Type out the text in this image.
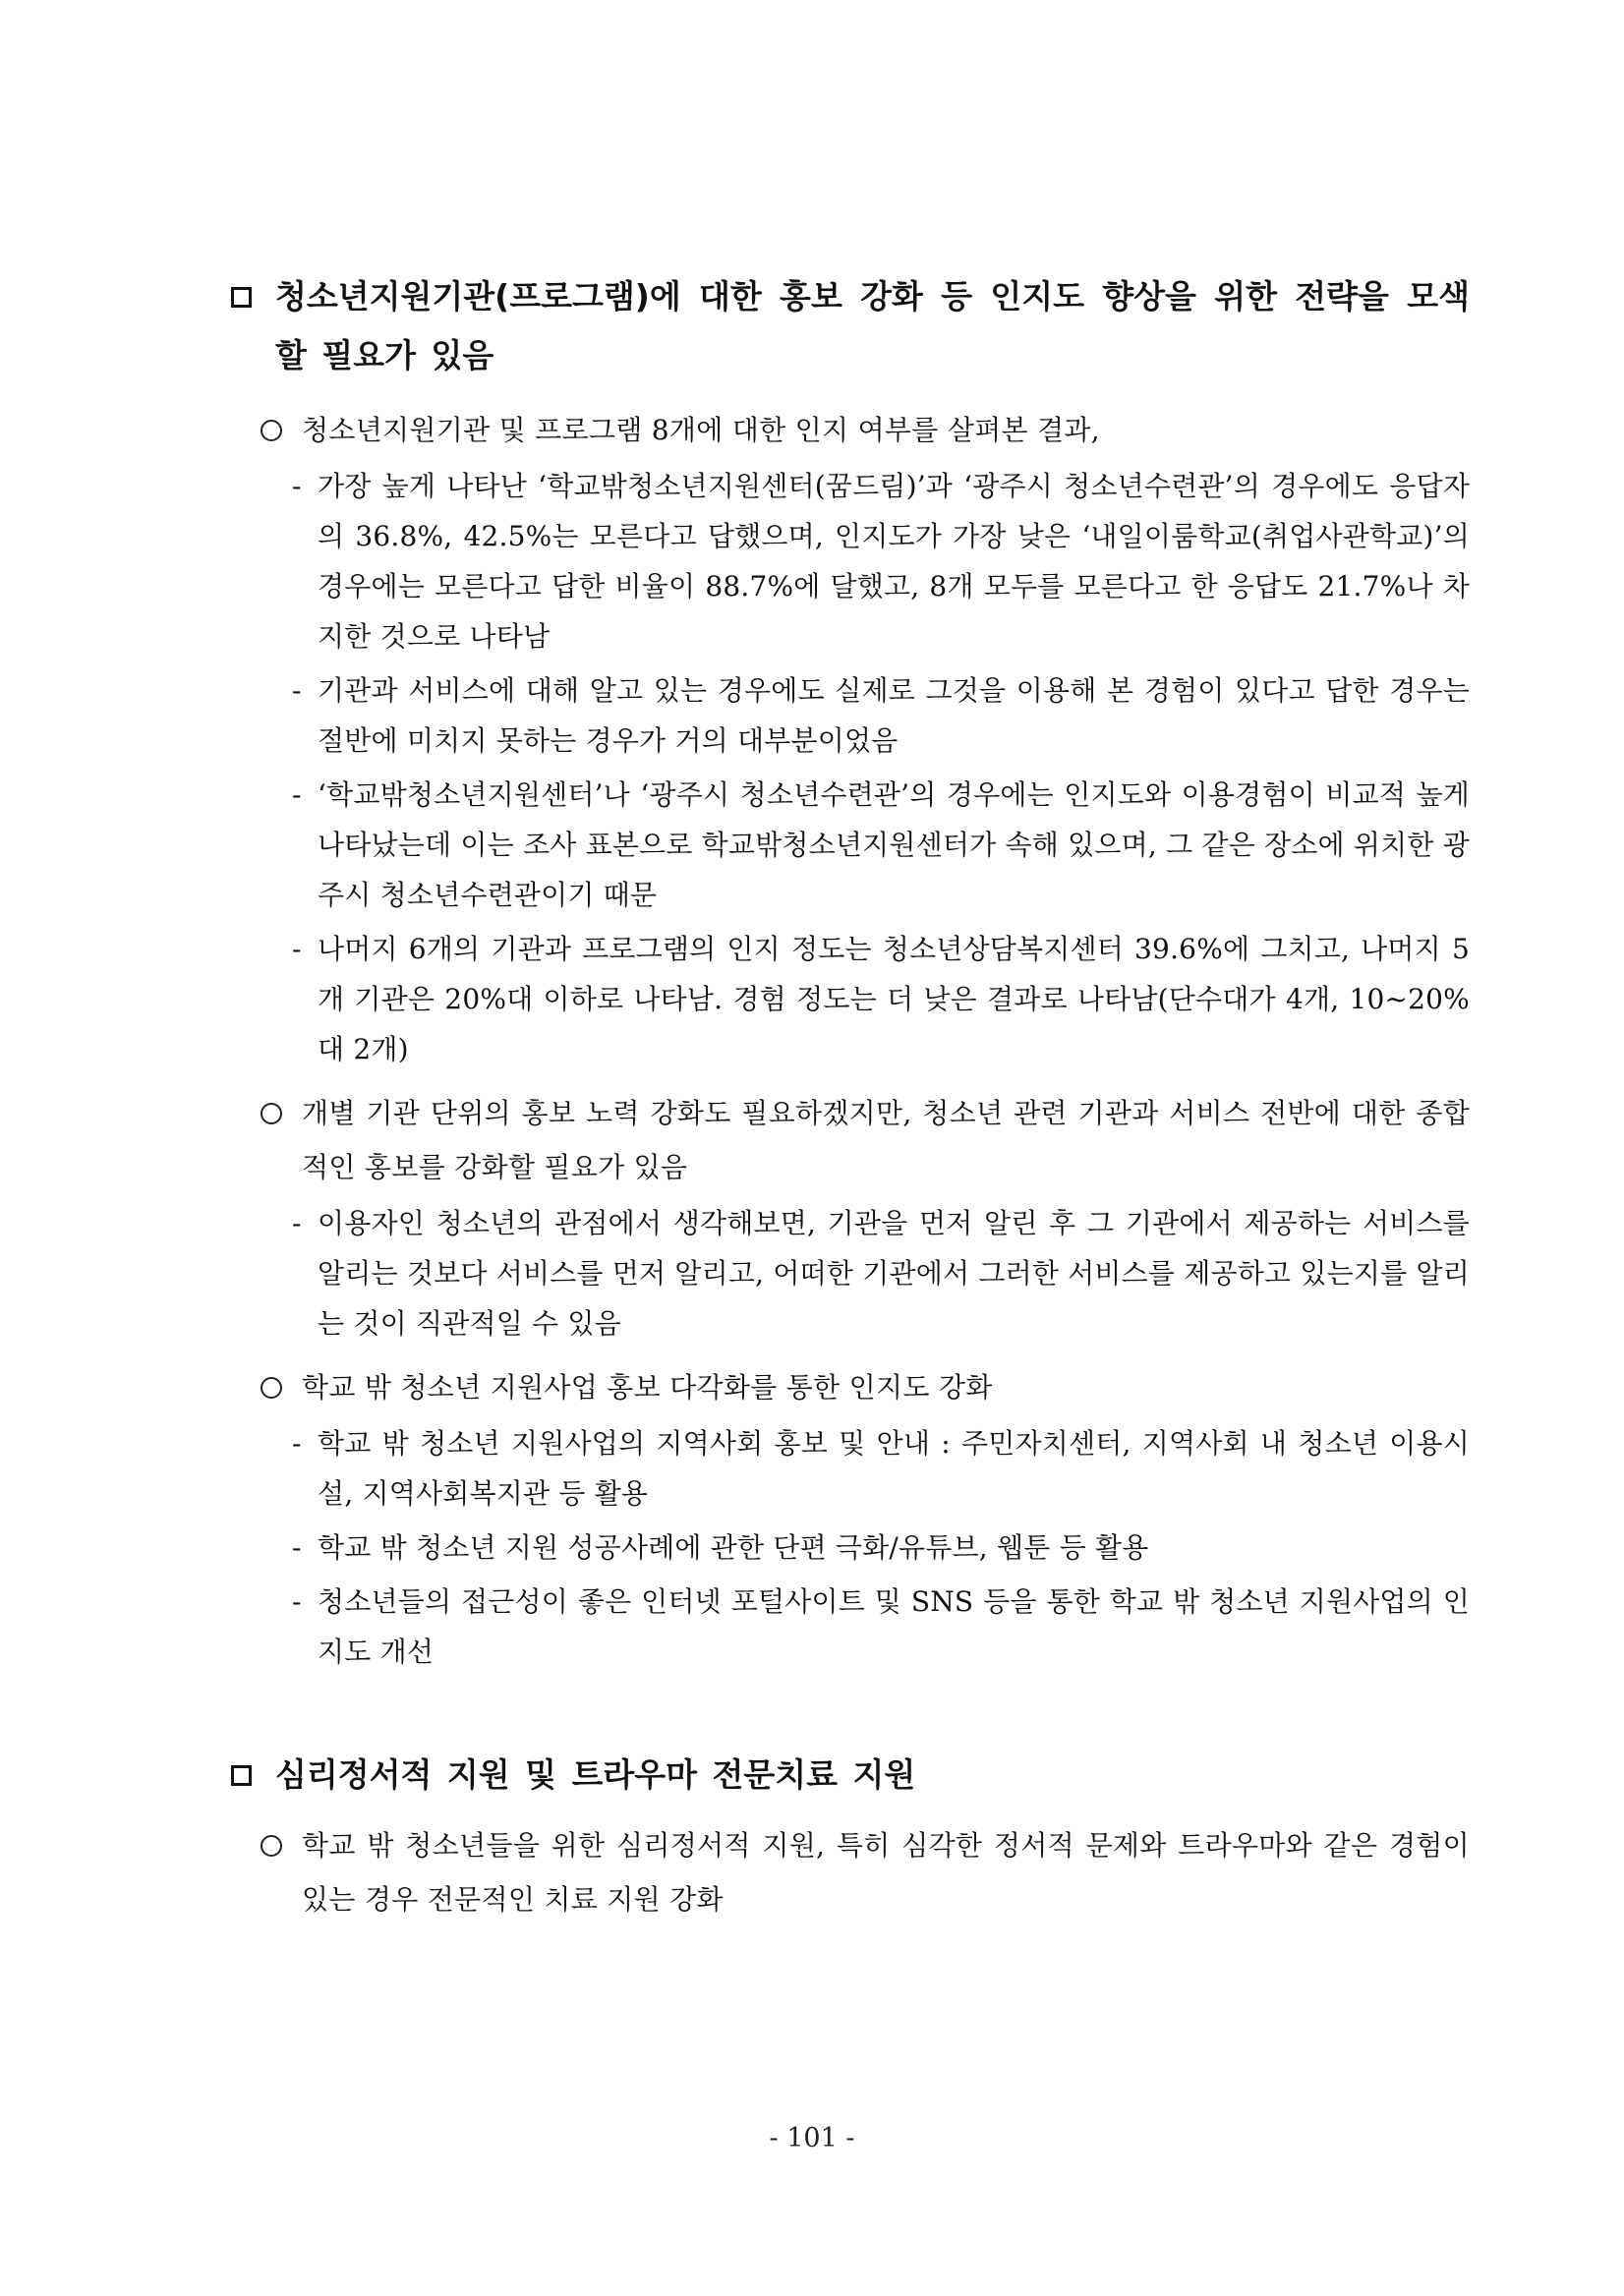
청소년지원기관(프로그램)에 대한 홍보 강화 등 인지도 향상을 위한 전략을 모색할 필요가 있음
청소년지원기관 및 프로그램 8개에 대한 인지 여부를 살펴본 결과,
- 가장 높게 나타난 ‘학교밖청소년지원센터(꿈드림)’과 ‘광주시 청소년수련관’의 경우에도 응답자의 36.8%, 42.5%는 모른다고 답했으며, 인지도가 가장 낮은 ‘내일이룸학교(취업사관학교)’의 경우에는 모른다고 답한 비율이 88.7%에 달했고, 8개 모두를 모른다고 한 응답도 21.7%나 차지한 것으로 나타남
- 기관과 서비스에 대해 알고 있는 경우에도 실제로 그것을 이용해 본 경험이 있다고 답한 경우는 절반에 미치지 못하는 경우가 거의 대부분이었음
- ‘학교밖청소년지원센터’나 ‘광주시 청소년수련관’의 경우에는 인지도와 이용경험이 비교적 높게 나타났는데 이는 조사 표본으로 학교밖청소년지원센터가 속해 있으며, 그 같은 장소에 위치한 광주시 청소년수련관이기 때문
- 나머지 6개의 기관과 프로그램의 인지 정도는 청소년상담복지센터 39.6%에 그치고, 나머지 5개 기관은 20%대 이하로 나타남. 경험 정도는 더 낮은 결과로 나타남(단수대가 4개, 10~20%대 2개)
개별 기관 단위의 홍보 노력 강화도 필요하겠지만, 청소년 관련 기관과 서비스 전반에 대한 종합적인 홍보를 강화할 필요가 있음
- 이용자인 청소년의 관점에서 생각해보면, 기관을 먼저 알린 후 그 기관에서 제공하는 서비스를 알리는 것보다 서비스를 먼저 알리고, 어떠한 기관에서 그러한 서비스를 제공하고 있는지를 알리는 것이 직관적일 수 있음
학교 밖 청소년 지원사업 홍보 다각화를 통한 인지도 강화
- 학교 밖 청소년 지원사업의 지역사회 홍보 및 안내 : 주민자치센터, 지역사회 내 청소년 이용시설, 지역사회복지관 등 활용
- 학교 밖 청소년 지원 성공사례에 관한 단편 극화/유튜브, 웹툰 등 활용
- 청소년들의 접근성이 좋은 인터넷 포털사이트 및 SNS 등을 통한 학교 밖 청소년 지원사업의 인지도 개선
심리정서적 지원 및 트라우마 전문치료 지원
학교 밖 청소년들을 위한 심리정서적 지원, 특히 심각한 정서적 문제와 트라우마와 같은 경험이 있는 경우 전문적인 치료 지원 강화
- 101 -
